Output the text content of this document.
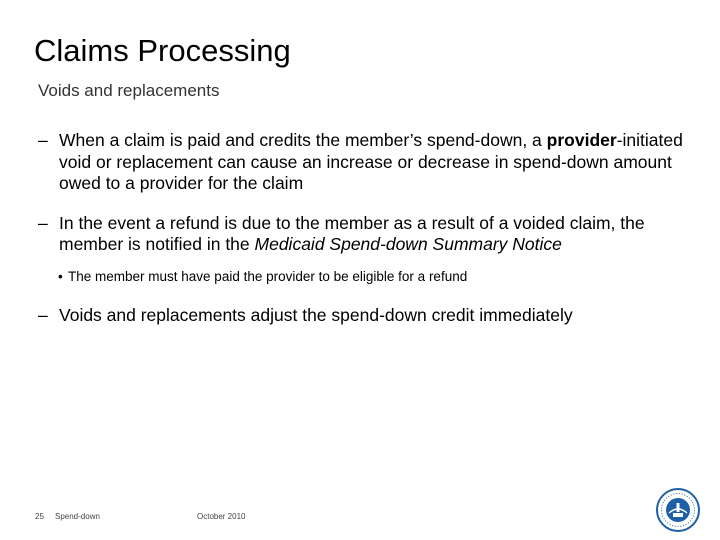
Claims Processing
Voids and replacements
– When a claim is paid and credits the member’s spend-down, a provider-initiated void or replacement can cause an increase or decrease in spend-down amount owed to a provider for the claim
– In the event a refund is due to the member as a result of a voided claim, the member is notified in the Medicaid Spend-down Summary Notice
• The member must have paid the provider to be eligible for a refund
– Voids and replacements adjust the spend-down credit immediately
25 Spend-down	October 2010
